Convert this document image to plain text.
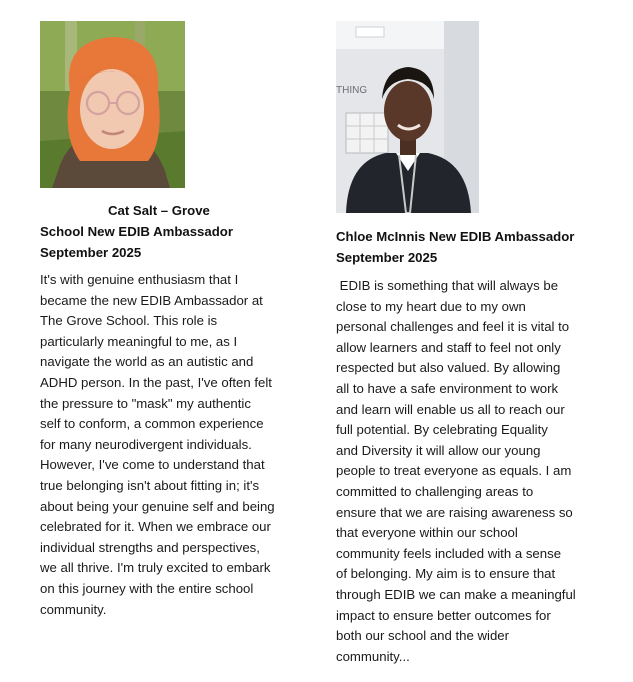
Cat Salt – Grove
School New EDIB Ambassador
September 2025
It's with genuine enthusiasm that I
became the new EDIB Ambassador at
The Grove School. This role is
particularly meaningful to me, as I
navigate the world as an autistic and
ADHD person. In the past, I've often felt
the pressure to "mask" my authentic
self to conform, a common experience
for many neurodivergent individuals.
However, I've come to understand that
true belonging isn't about fitting in; it's
about being your genuine self and being
celebrated for it. When we embrace our
individual strengths and perspectives,
we all thrive. I'm truly excited to embark
on this journey with the entire school
community.
THING
Chloe McInnis New EDIB Ambassador
September 2025
EDIB is something that will always be
close to my heart due to my own
personal challenges and feel it is vital to
allow learners and staff to feel not only
respected but also valued. By allowing
all to have a safe environment to work
and learn will enable us all to reach our
full potential. By celebrating Equality
and Diversity it will allow our young
people to treat everyone as equals. I am
committed to challenging areas to
ensure that we are raising awareness so
that everyone within our school
community feels included with a sense
of belonging. My aim is to ensure that
through EDIB we can make a meaningful
impact to ensure better outcomes for
both our school and the wider
community...
